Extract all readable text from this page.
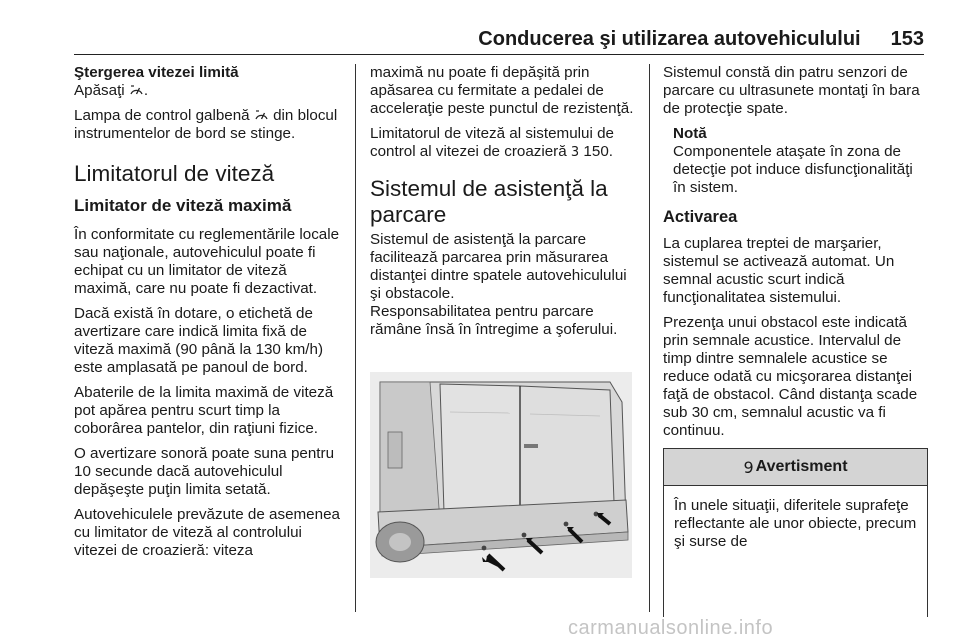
Conducerea şi utilizarea autovehiculului 153
Ştergerea vitezei limită

Apăsaţi .

Lampa de control galbenă  din blocul instrumentelor de bord se stinge.

Limitatorul de viteză
Limitator de viteză maximă

În conformitate cu reglementările locale sau naţionale, autovehiculul poate fi echipat cu un limitator de viteză maximă, care nu poate fi dezactivat.

Dacă există în dotare, o etichetă de avertizare care indică limita fixă de viteză maximă (90 până la 130 km/h) este amplasată pe panoul de bord.

Abaterile de la limita maximă de viteză pot apărea pentru scurt timp la coborârea pantelor, din raţiuni fizice.

O avertizare sonoră poate suna pentru 10 secunde dacă autovehiculul depăşeşte puţin limita setată.

Autovehiculele prevăzute de asemenea cu limitator de viteză al controlului vitezei de croazieră: viteza

maximă nu poate fi depăşită prin apăsarea cu fermitate a pedalei de acceleraţie peste punctul de rezistenţă.

Limitatorul de viteză al sistemului de control al vitezei de croazieră 3 150.

Sistemul de asistenţă la parcare

Sistemul de asistenţă la parcare facilitează parcarea prin măsurarea distanţei dintre spatele autovehiculului şi obstacole.

Responsabilitatea pentru parcare rămâne însă în întregime a şoferului.

Sistemul constă din patru senzori de parcare cu ultrasunete montaţi în bara de protecţie spate.

Notă

Componentele ataşate în zona de detecţie pot induce disfuncţionalităţi în sistem.

Activarea

La cuplarea treptei de marşarier, sistemul se activează automat. Un semnal acustic scurt indică funcţionalitatea sistemului.

Prezenţa unui obstacol este indicată prin semnale acustice. Intervalul de timp dintre semnalele acustice se reduce odată cu micşorarea distanţei faţă de obstacol. Când distanţa scade sub 30 cm, semnalul acustic va fi continuu.

9 Avertisment

În unele situaţii, diferitele suprafeţe reflectante ale unor obiecte, precum şi surse de

carmanualsonline.info
